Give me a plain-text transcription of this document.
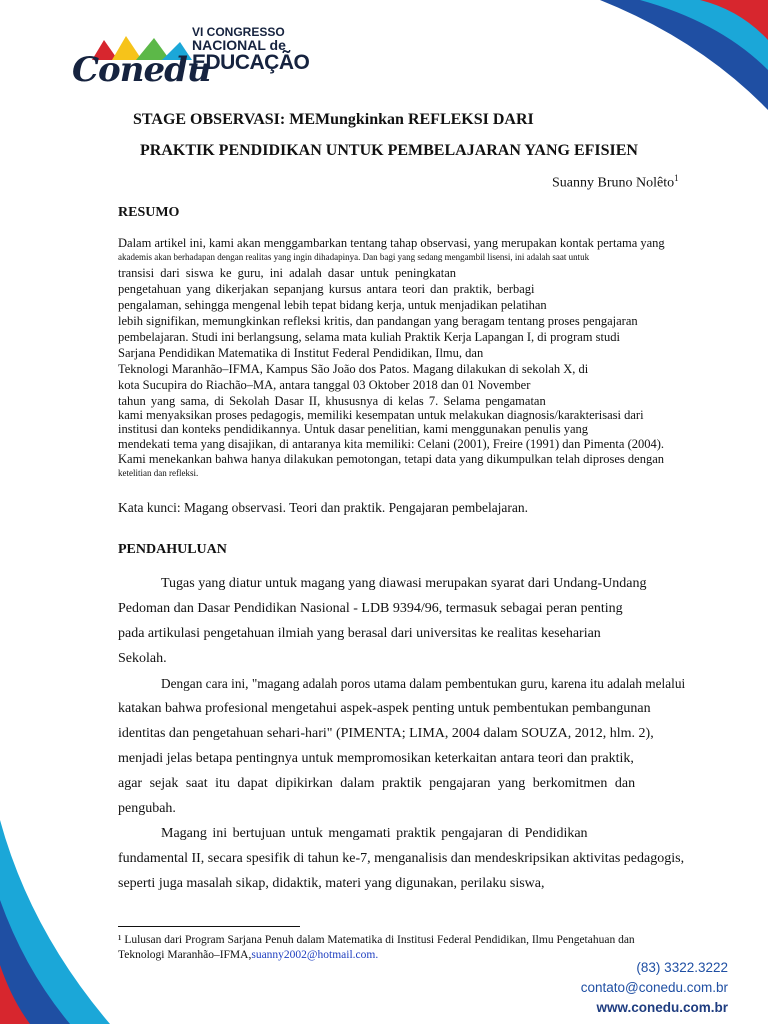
Conedu
VI CONGRESSO
NACIONAL de
EDUCAÇÃO
STAGE OBSERVASI: MEMungkinkan REFLEKSI DARI
PRAKTIK PENDIDIKAN UNTUK PEMBELAJARAN YANG EFISIEN
Suanny Bruno Nolêto$^1$
RESUMO
Dalam artikel ini, kami akan menggambarkan tentang tahap observasi, yang merupakan kontak pertama yang
akademis akan berhadapan dengan realitas yang ingin dihadapinya. Dan bagi yang sedang mengambil lisensi, ini adalah saat untuk
transisi dari siswa ke guru, ini adalah dasar untuk peningkatan
pengetahuan yang dikerjakan sepanjang kursus antara teori dan praktik, berbagi
pengalaman, sehingga mengenal lebih tepat bidang kerja, untuk menjadikan pelatihan
lebih signifikan, memungkinkan refleksi kritis, dan pandangan yang beragam tentang proses pengajaran
pembelajaran. Studi ini berlangsung, selama mata kuliah Praktik Kerja Lapangan I, di program studi
Sarjana Pendidikan Matematika di Institut Federal Pendidikan, Ilmu, dan
Teknologi Maranhão–IFMA, Kampus São João dos Patos. Magang dilakukan di sekolah X, di
kota Sucupira do Riachão–MA, antara tanggal 03 Oktober 2018 dan 01 November
tahun yang sama, di Sekolah Dasar II, khususnya di kelas 7. Selama pengamatan
kami menyaksikan proses pedagogis, memiliki kesempatan untuk melakukan diagnosis/karakterisasi dari
institusi dan konteks pendidikannya. Untuk dasar penelitian, kami menggunakan penulis yang
mendekati tema yang disajikan, di antaranya kita memiliki: Celani (2001), Freire (1991) dan Pimenta (2004).
Kami menekankan bahwa hanya dilakukan pemotongan, tetapi data yang dikumpulkan telah diproses dengan
ketelitian dan refleksi.
Kata kunci: Magang observasi. Teori dan praktik. Pengajaran pembelajaran.
PENDAHULUAN
Tugas yang diatur untuk magang yang diawasi merupakan syarat dari Undang-Undang
Pedoman dan Dasar Pendidikan Nasional - LDB 9394/96, termasuk sebagai peran penting
pada artikulasi pengetahuan ilmiah yang berasal dari universitas ke realitas keseharian
Sekolah.
Dengan cara ini, "magang adalah poros utama dalam pembentukan guru, karena itu adalah melalui
katakan bahwa profesional mengetahui aspek-aspek penting untuk pembentukan pembangunan
identitas dan pengetahuan sehari-hari" (PIMENTA; LIMA, 2004 dalam SOUZA, 2012, hlm. 2),
menjadi jelas betapa pentingnya untuk mempromosikan keterkaitan antara teori dan praktik,
agar sejak saat itu dapat dipikirkan dalam praktik pengajaran yang berkomitmen dan
pengubah.
Magang ini bertujuan untuk mengamati praktik pengajaran di Pendidikan
fundamental II, secara spesifik di tahun ke-7, menganalisis dan mendeskripsikan aktivitas pedagogis,
seperti juga masalah sikap, didaktik, materi yang digunakan, perilaku siswa,
¹ Lulusan dari Program Sarjana Penuh dalam Matematika di Institusi Federal Pendidikan, Ilmu Pengetahuan dan
Teknologi Maranhão–IFMA,suanny2002@hotmail.com.
(83) 3322.3222
contato@conedu.com.br
www.conedu.com.br
